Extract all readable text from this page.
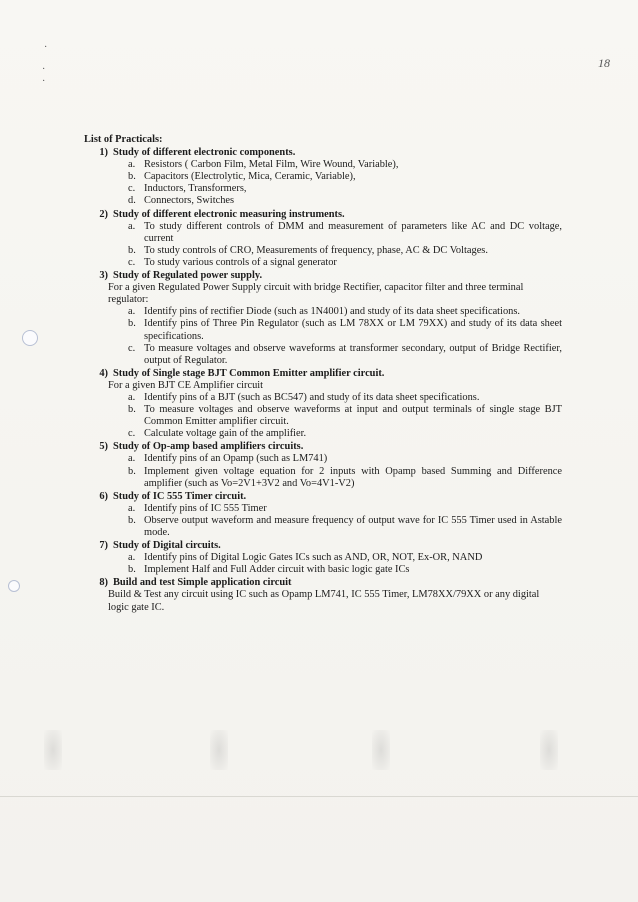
18
·
·
·
List of Practicals:
1) Study of different electronic components.
a. Resistors ( Carbon Film, Metal Film, Wire Wound, Variable),
b. Capacitors (Electrolytic, Mica, Ceramic, Variable),
c. Inductors, Transformers,
d. Connectors, Switches
2) Study of different electronic measuring instruments.
a. To study different controls of DMM and measurement of parameters like AC and DC voltage, current
b. To study controls of CRO, Measurements of frequency, phase, AC & DC Voltages.
c. To study various controls of a signal generator
3) Study of Regulated power supply.
For a given Regulated Power Supply circuit with bridge Rectifier, capacitor filter and three terminal regulator:
a. Identify pins of rectifier Diode (such as 1N4001) and study of its data sheet specifications.
b. Identify pins of Three Pin Regulator (such as LM 78XX or LM 79XX) and study of its data sheet specifications.
c. To measure voltages and observe waveforms at transformer secondary, output of Bridge Rectifier, output of Regulator.
4) Study of Single stage BJT Common Emitter amplifier circuit.
For a given BJT CE Amplifier circuit
a. Identify pins of a BJT (such as BC547) and study of its data sheet specifications.
b. To measure voltages and observe waveforms at input and output terminals of single stage BJT Common Emitter amplifier circuit.
c. Calculate voltage gain of the amplifier.
5) Study of Op-amp based amplifiers circuits.
a. Identify pins of an Opamp (such as LM741)
b. Implement given voltage equation for 2 inputs with Opamp based Summing and Difference amplifier (such as Vo=2V1+3V2 and Vo=4V1-V2)
6) Study of IC 555 Timer circuit.
a. Identify pins of IC 555 Timer
b. Observe output waveform and measure frequency of output wave for IC 555 Timer used in Astable mode.
7) Study of Digital circuits.
a. Identify pins of Digital Logic Gates ICs such as AND, OR, NOT, Ex-OR, NAND
b. Implement Half and Full Adder circuit with basic logic gate ICs
8) Build and test Simple application circuit
Build & Test any circuit using IC such as Opamp LM741, IC 555 Timer, LM78XX/79XX or any digital logic gate IC.
